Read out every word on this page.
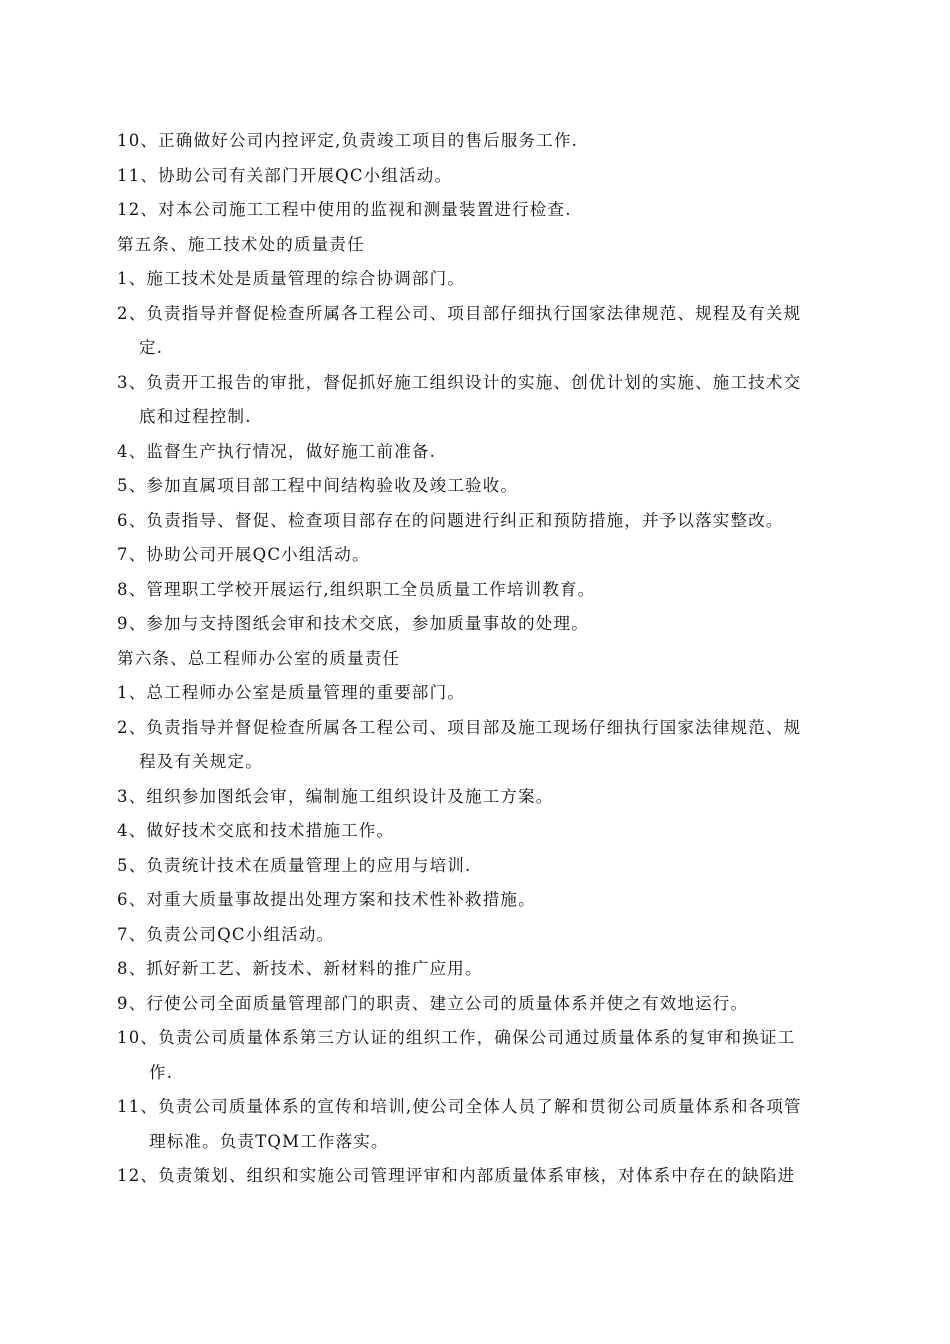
10、正确做好公司内控评定,负责竣工项目的售后服务工作.
11、协助公司有关部门开展QC小组活动。
12、对本公司施工工程中使用的监视和测量装置进行检查.
第五条、施工技术处的质量责任
1、施工技术处是质量管理的综合协调部门。
2、负责指导并督促检查所属各工程公司、项目部仔细执行国家法律规范、规程及有关规
定.
3、负责开工报告的审批，督促抓好施工组织设计的实施、创优计划的实施、施工技术交
底和过程控制.
4、监督生产执行情况，做好施工前准备.
5、参加直属项目部工程中间结构验收及竣工验收。
6、负责指导、督促、检查项目部存在的问题进行纠正和预防措施，并予以落实整改。
7、协助公司开展QC小组活动。
8、管理职工学校开展运行,组织职工全员质量工作培训教育。
9、参加与支持图纸会审和技术交底，参加质量事故的处理。
第六条、总工程师办公室的质量责任
1、总工程师办公室是质量管理的重要部门。
2、负责指导并督促检查所属各工程公司、项目部及施工现场仔细执行国家法律规范、规
程及有关规定。
3、组织参加图纸会审，编制施工组织设计及施工方案。
4、做好技术交底和技术措施工作。
5、负责统计技术在质量管理上的应用与培训.
6、对重大质量事故提出处理方案和技术性补救措施。
7、负责公司QC小组活动。
8、抓好新工艺、新技术、新材料的推广应用。
9、行使公司全面质量管理部门的职责、建立公司的质量体系并使之有效地运行。
10、负责公司质量体系第三方认证的组织工作，确保公司通过质量体系的复审和换证工
作.
11、负责公司质量体系的宣传和培训,使公司全体人员了解和贯彻公司质量体系和各项管
理标准。负责TQM工作落实。
12、负责策划、组织和实施公司管理评审和内部质量体系审核，对体系中存在的缺陷进
